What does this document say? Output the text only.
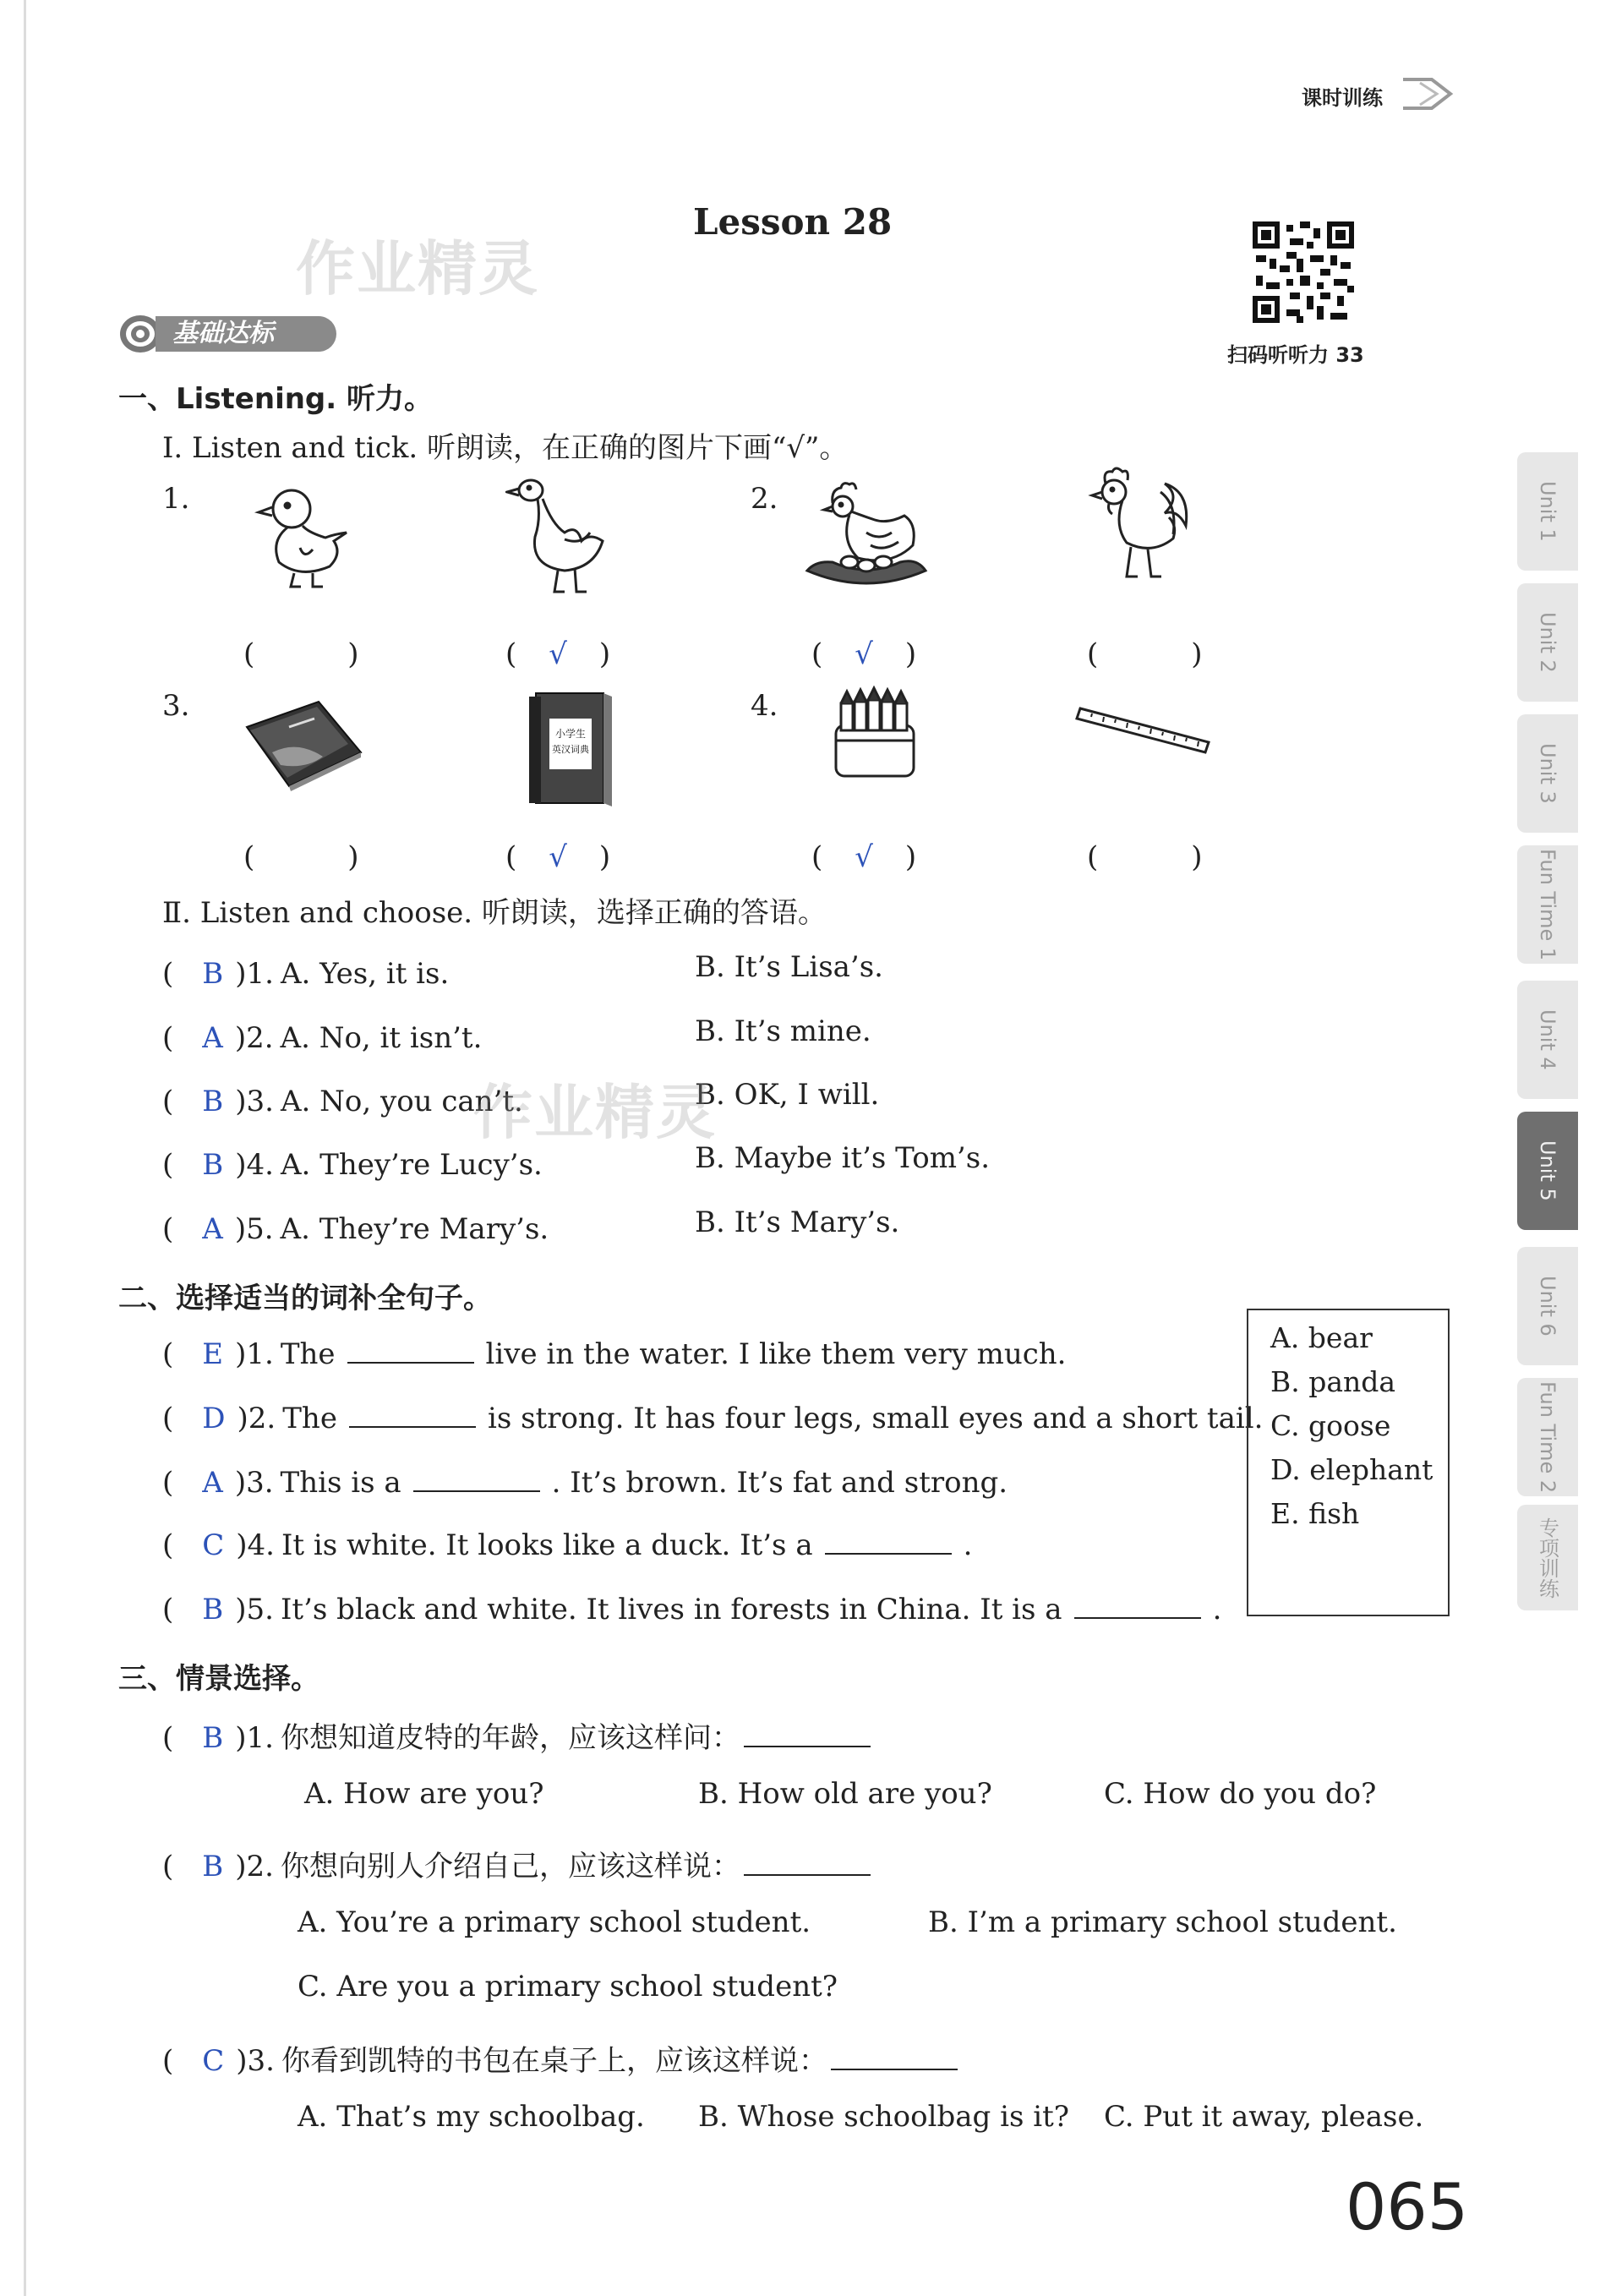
课时训练
Lesson 28
作业精灵
扫码听听力 33
基础达标
Unit 1
Unit 2
Unit 3
Fun Time 1
Unit 4
Unit 5
Unit 6
Fun Time 2
专项训练
一、Listening. 听力。
Ⅰ. Listen and tick. 听朗读，在正确的图片下画“√”。
1.	2.
3.	4.
(　　　)	(　√　)	(　√　)	(　　　)
小学生
英汉词典
(　　　)	(　√　)	(　√　)	(　　　)
Ⅱ. Listen and choose. 听朗读，选择正确的答语。
(　B )1. A. Yes, it is.	B. It’s Lisa’s.
(　A )2. A. No, it isn’t.	B. It’s mine.
(　B )3. A. No, you can’t.	B. OK, I will.
(　B )4. A. They’re Lucy’s.	B. Maybe it’s Tom’s.
(　A )5. A. They’re Mary’s.	B. It’s Mary’s.
作业精灵
二、选择适当的词补全句子。
(　E )1. The	live in the water. I like them very much.
(　D )2. The	is strong. It has four legs, small eyes and a short tail.
(　A )3. This is a	. It’s brown. It’s fat and strong.
(　C )4. It is white. It looks like a duck. It’s a	.
(　B )5. It’s black and white. It lives in forests in China. It is a	.
A. bear
B. panda
C. goose
D. elephant
E. fish
三、情景选择。
(　B )1. 你想知道皮特的年龄，应该这样问：
A. How are you?	B. How old are you?	C. How do you do?
(　B )2. 你想向别人介绍自己，应该这样说：
A. You’re a primary school student.	B. I’m a primary school student.
C. Are you a primary school student?
(　C )3. 你看到凯特的书包在桌子上，应该这样说：
A. That’s my schoolbag. B. Whose schoolbag is it? C. Put it away, please.
065
